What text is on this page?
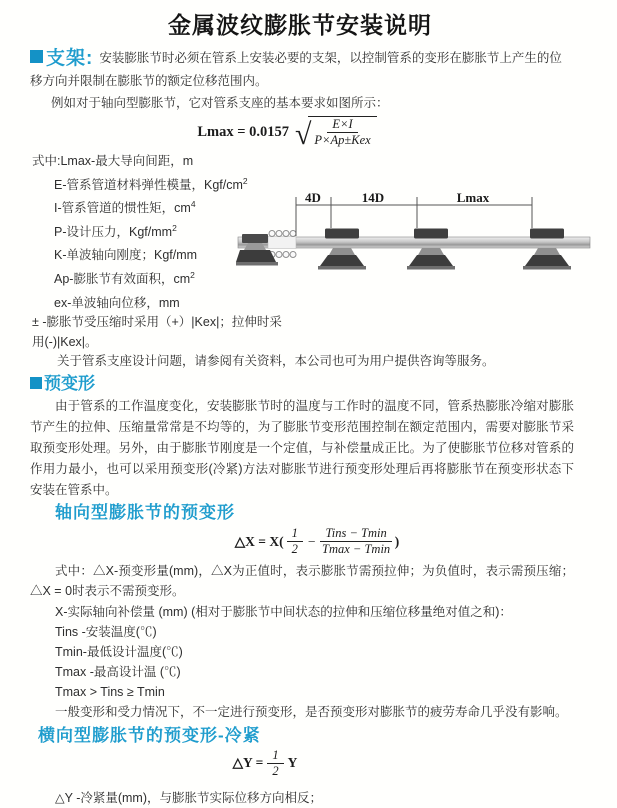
金属波纹膨胀节安装说明

支架: 安装膨胀节时必须在管系上安装必要的支架，以控制管系的变形在膨胀节上产生的位移方向并限制在膨胀节的额定位移范围内。

例如对于轴向型膨胀节，它对管系支座的基本要求如图所示：

Lmax = 0.0157 √ $\frac{E\times I}{\text{P×Ap±Kex}}$
式中:Lmax-最大导向间距，m
E-管系管道材料弹性模量，Kgf/$cm^2$
I-管系管道的惯性矩，$cm^4$
P-设计压力，Kgf/$mm^2$
K-单波轴向刚度；Kgf/mm
Ap-膨胀节有效面积，$cm^2$
ex-单波轴向位移，mm
± -膨胀节受压缩时采用（+）|Kex|；拉伸时采用(-)|Kex|。

关于管系支座设计问题，请参阅有关资料，本公司也可为用户提供咨询等服务。

4D	14D	Lmax
预变形

由于管系的工作温度变化，安装膨胀节时的温度与工作时的温度不同，管系热膨胀冷缩对膨胀节产生的拉伸、压缩量常常是不均等的，为了膨胀节变形范围控制在额定范围内，需要对膨胀节采取预变形处理。另外，由于膨胀节刚度是一个定值，与补偿量成正比。为了使膨胀节位移对管系的作用力最小，也可以采用预变形(冷紧)方法对膨胀节进行预变形处理后再将膨胀节在预变形状态下安装在管系中。

轴向型膨胀节的预变形
△X = $X( \frac{1}{2} - \frac{\text{Tins − Tmin}}{Tmax - Tmin}$ )

式中：△X-预变形量(mm)，△X为正值时，表示膨胀节需预拉伸；为负值时，表示需预压缩；△X = 0时表示不需预变形。

X-实际轴向补偿量 (mm) (相对于膨胀节中间状态的拉伸和压缩位移量绝对值之和)：
Tins -安装温度(℃)
Tmin-最低设计温度(℃)
Tmax -最高设计温 (℃)
Tmax > Tins ≥ Tmin

一般变形和受力情况下，不一定进行预变形，是否预变形对膨胀节的疲劳寿命几乎没有影响。

横向型膨胀节的预变形-冷紧
△Y = $\frac{1}{2}$ Y

△Y -冷紧量(mm)，与膨胀节实际位移方向相反；
